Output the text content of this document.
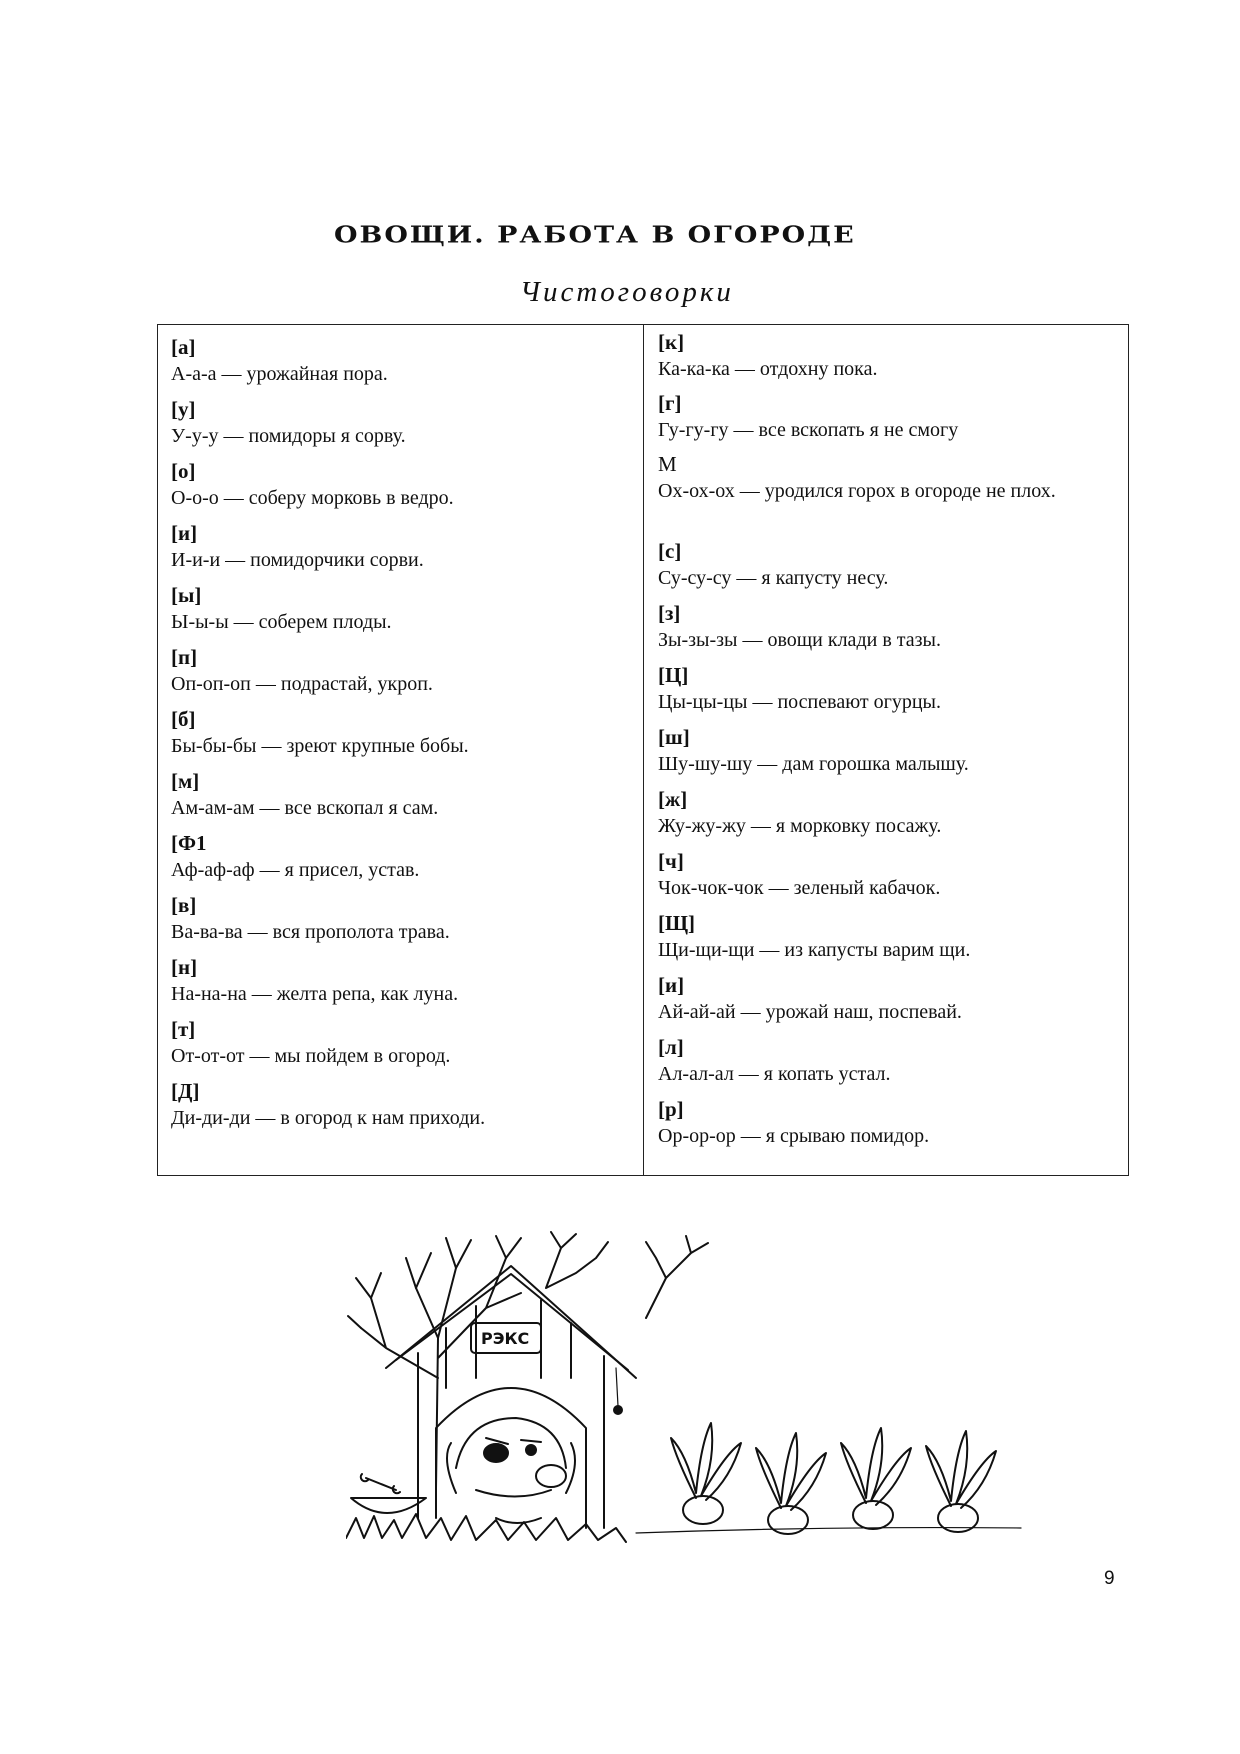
ОВОЩИ. РАБОТА В ОГОРОДЕ
Чистоговорки
[а]
А-а-а — урожайная пора.
[у]
У-у-у — помидоры я сорву.
[о]
О-о-о — соберу морковь в ведро.
[и]
И-и-и — помидорчики сорви.
[ы]
Ы-ы-ы — соберем плоды.
[п]
Оп-оп-оп — подрастай, укроп.
[б]
Бы-бы-бы — зреют крупные бобы.
[м]
Ам-ам-ам — все вскопал я сам.
[Ф1
Аф-аф-аф — я присел, устав.
[в]
Ва-ва-ва — вся прополота трава.
[н]
На-на-на — желта репа, как луна.
[т]
От-от-от — мы пойдем в огород.
[Д]
Ди-ди-ди — в огород к нам приходи.
[к]
Ка-ка-ка — отдохну пока.
[г]
Гу-гу-гу — все вскопать я не смогу
М
Ох-ох-ох — уродился горох в огороде не плох.
[с]
Су-су-су — я капусту несу.
[з]
Зы-зы-зы — овощи клади в тазы.
[Ц]
Цы-цы-цы — поспевают огурцы.
[ш]
Шу-шу-шу — дам горошка малышу.
[ж]
Жу-жу-жу — я морковку посажу.
[ч]
Чок-чок-чок — зеленый кабачок.
[Щ]
Щи-щи-щи — из капусты варим щи.
[и]
Ай-ай-ай — урожай наш, поспевай.
[л]
Ал-ал-ал — я копать устал.
[р]
Ор-ор-ор — я срываю помидор.
РЭКС
9
